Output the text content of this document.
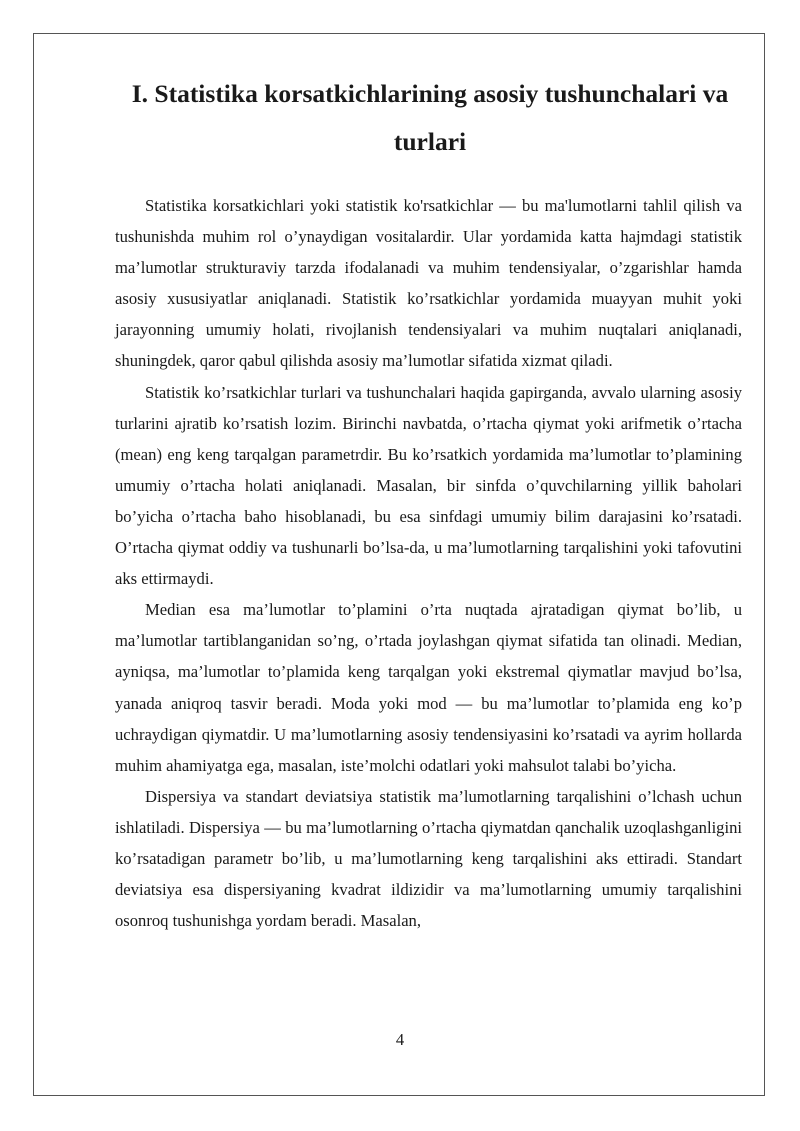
I. Statistika korsatkichlarining asosiy tushunchalari va turlari

Statistika korsatkichlari yoki statistik ko'rsatkichlar — bu ma'lumotlarni tahlil qilish va tushunishda muhim rol o’ynaydigan vositalardir. Ular yordamida katta hajmdagi statistik ma’lumotlar strukturaviy tarzda ifodalanadi va muhim tendensiyalar, o’zgarishlar hamda asosiy xususiyatlar aniqlanadi. Statistik ko’rsatkichlar yordamida muayyan muhit yoki jarayonning umumiy holati, rivojlanish tendensiyalari va muhim nuqtalari aniqlanadi, shuningdek, qaror qabul qilishda asosiy ma’lumotlar sifatida xizmat qiladi.

Statistik ko’rsatkichlar turlari va tushunchalari haqida gapirganda, avvalo ularning asosiy turlarini ajratib ko’rsatish lozim. Birinchi navbatda, o’rtacha qiymat yoki arifmetik o’rtacha (mean) eng keng tarqalgan parametrdir. Bu ko’rsatkich yordamida ma’lumotlar to’plamining umumiy o’rtacha holati aniqlanadi. Masalan, bir sinfda o’quvchilarning yillik baholari bo’yicha o’rtacha baho hisoblanadi, bu esa sinfdagi umumiy bilim darajasini ko’rsatadi. O’rtacha qiymat oddiy va tushunarli bo’lsa-da, u ma’lumotlarning tarqalishini yoki tafovutini aks ettirmaydi.

Median esa ma’lumotlar to’plamini o’rta nuqtada ajratadigan qiymat bo’lib, u ma’lumotlar tartiblanganidan so’ng, o’rtada joylashgan qiymat sifatida tan olinadi. Median, ayniqsa, ma’lumotlar to’plamida keng tarqalgan yoki ekstremal qiymatlar mavjud bo’lsa, yanada aniqroq tasvir beradi. Moda yoki mod — bu ma’lumotlar to’plamida eng ko’p uchraydigan qiymatdir. U ma’lumotlarning asosiy tendensiyasini ko’rsatadi va ayrim hollarda muhim ahamiyatga ega, masalan, iste’molchi odatlari yoki mahsulot talabi bo’yicha.

Dispersiya va standart deviatsiya statistik ma’lumotlarning tarqalishini o’lchash uchun ishlatiladi. Dispersiya — bu ma’lumotlarning o’rtacha qiymatdan qanchalik uzoqlashganligini ko’rsatadigan parametr bo’lib, u ma’lumotlarning keng tarqalishini aks ettiradi. Standart deviatsiya esa dispersiyaning kvadrat ildizidir va ma’lumotlarning umumiy tarqalishini osonroq tushunishga yordam beradi. Masalan,

4
